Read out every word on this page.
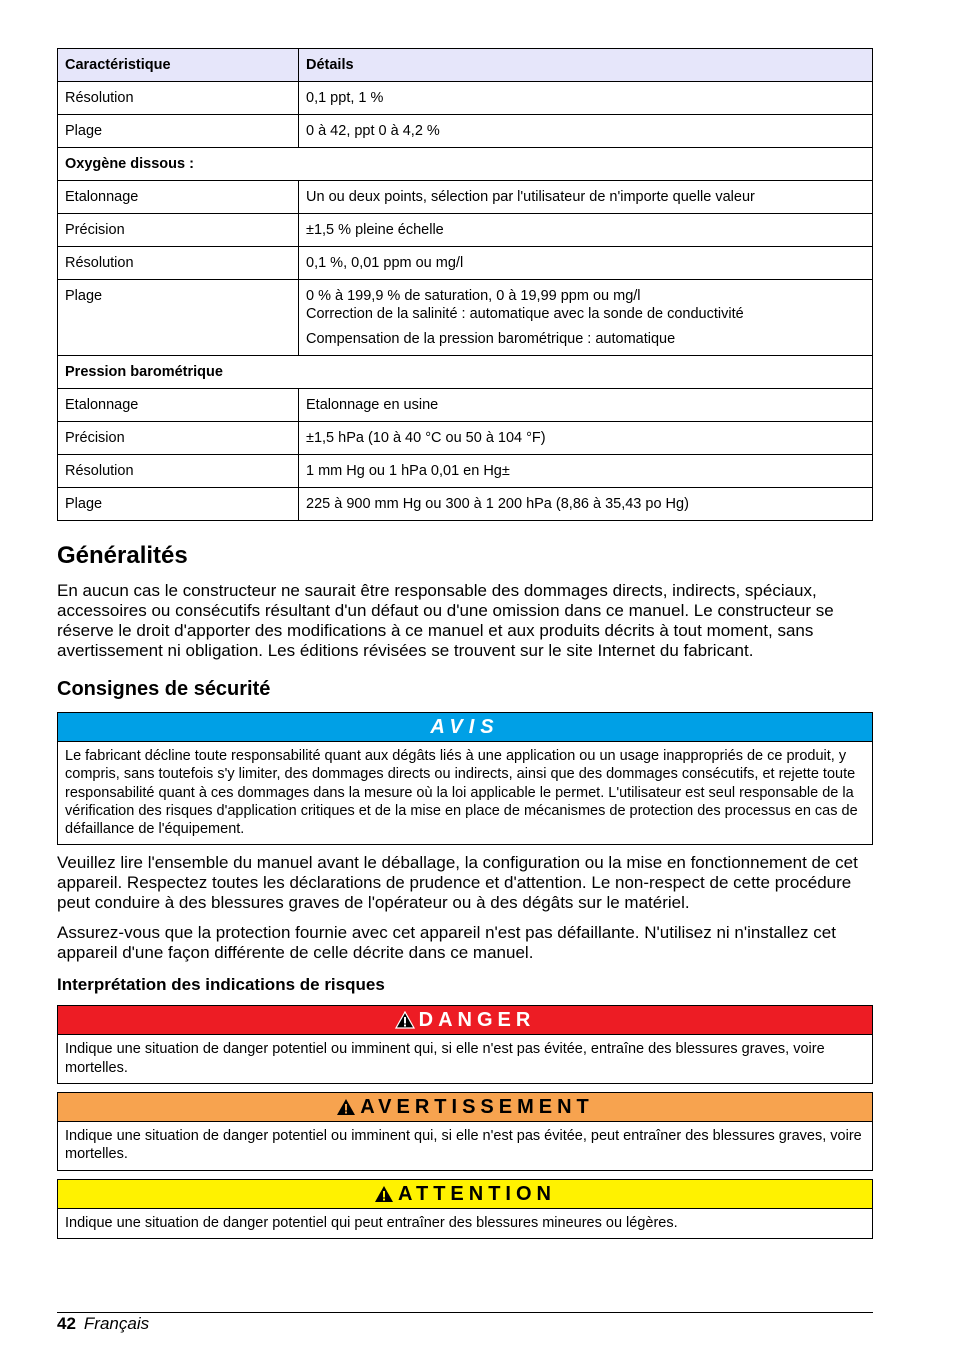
Caractéristique	Détails
Résolution	0,1 ppt, 1 %
Plage	0 à 42, ppt 0 à 4,2 %
Oxygène dissous :	
Etalonnage	Un ou deux points, sélection par l'utilisateur de n'importe quelle valeur
Précision	±1,5 % pleine échelle
Résolution	0,1 %, 0,01 ppm ou mg/l
Plage	0 % à 199,9 % de saturation, 0 à 19,99 ppm ou mg/l
Correction de la salinité : automatique avec la sonde de conductivité
Compensation de la pression barométrique : automatique

Pression barométrique	
Etalonnage	Etalonnage en usine
Précision	±1,5 hPa (10 à 40 °C ou 50 à 104 °F)
Résolution	1 mm Hg ou 1 hPa 0,01 en Hg±
Plage	225 à 900 mm Hg ou 300 à 1 200 hPa (8,86 à 35,43 po Hg)
Généralités

En aucun cas le constructeur ne saurait être responsable des dommages directs, indirects, spéciaux, accessoires ou consécutifs résultant d'un défaut ou d'une omission dans ce manuel. Le constructeur se réserve le droit d'apporter des modifications à ce manuel et aux produits décrits à tout moment, sans avertissement ni obligation. Les éditions révisées se trouvent sur le site Internet du fabricant.

Consignes de sécurité
AVIS
Le fabricant décline toute responsabilité quant aux dégâts liés à une application ou un usage inappropriés de ce produit, y compris, sans toutefois s'y limiter, des dommages directs ou indirects, ainsi que des dommages consécutifs, et rejette toute responsabilité quant à ces dommages dans la mesure où la loi applicable le permet. L'utilisateur est seul responsable de la vérification des risques d'application critiques et de la mise en place de mécanismes de protection des processus en cas de défaillance de l'équipement.

Veuillez lire l'ensemble du manuel avant le déballage, la configuration ou la mise en fonctionnement de cet appareil. Respectez toutes les déclarations de prudence et d'attention. Le non-respect de cette procédure peut conduire à des blessures graves de l'opérateur ou à des dégâts sur le matériel.

Assurez-vous que la protection fournie avec cet appareil n'est pas défaillante. N'utilisez ni n'installez cet appareil d'une façon différente de celle décrite dans ce manuel.

Interprétation des indications de risques
DANGER
Indique une situation de danger potentiel ou imminent qui, si elle n'est pas évitée, entraîne des blessures graves, voire mortelles.
AVERTISSEMENT
Indique une situation de danger potentiel ou imminent qui, si elle n'est pas évitée, peut entraîner des blessures graves, voire mortelles.
ATTENTION
Indique une situation de danger potentiel qui peut entraîner des blessures mineures ou légères.
42 Français
